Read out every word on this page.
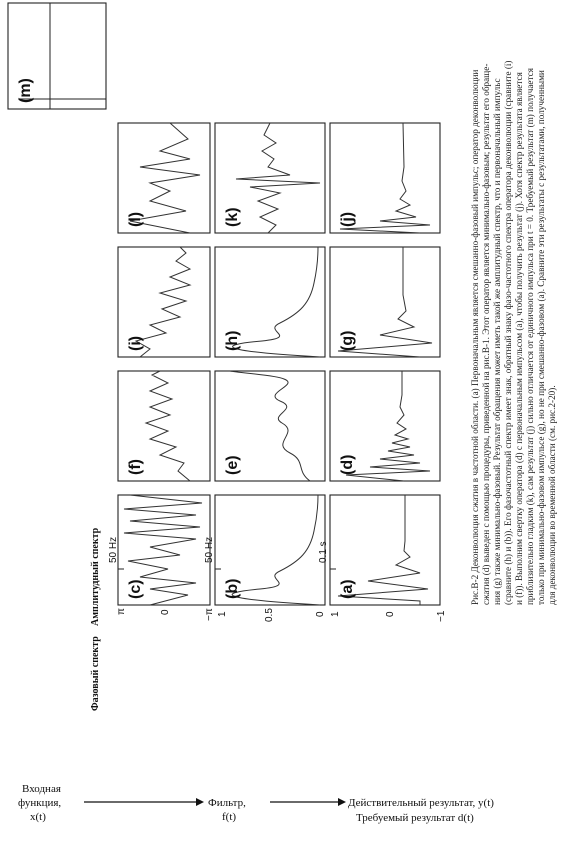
Рис.В-2 Деконволюция сжатия в частотной области. (а) Первоначальным является смешанно-фазовый импульс; оператор деконволюции сжатия (d) выведен с помощью процедуры, приведенной на рис.В-1. Этот оператор является минимально-фазовым; результат его обраще- ния (g) также минимально-фазовый. Результат обращения может иметь такой же амплитудный спектр, что и первоначальный импульс (сравните (h) и (b)). Его фазочастотный спектр имеет знак, обратный знаку фазо-частотного спектра оператора деконволюции (сравните (i) и (f)). Выполним свертку оператора (d) с первоначальным импульсом (a), чтобы получить результат (j). Хотя спектр результата является приблизительно гладким (k), сам результат (j) сильно отличается от единичного импульса при t = 0. Требуемый результат (m) получается только при минимально-фазовом импульсе (g), но не при смешанно-фазовом (a). Сравните эти результаты с результатами, полученными для деконволюции во временной области (см. рис.2-20).
Фазовый спектр
Амплитудный спектр	0.1 s
(a)
1	0	−1
50 Hz
(b)
1	0.5	0
50 Hz
(c)
π	0	−π
(d)
(e)
(f)
(g)
(h)
(i)
(j)
(k)
(l)
(m)
Входная
функция,
x(t)
Фильтр,
f(t)
Действительный результат, y(t)
Требуемый результат d(t)
